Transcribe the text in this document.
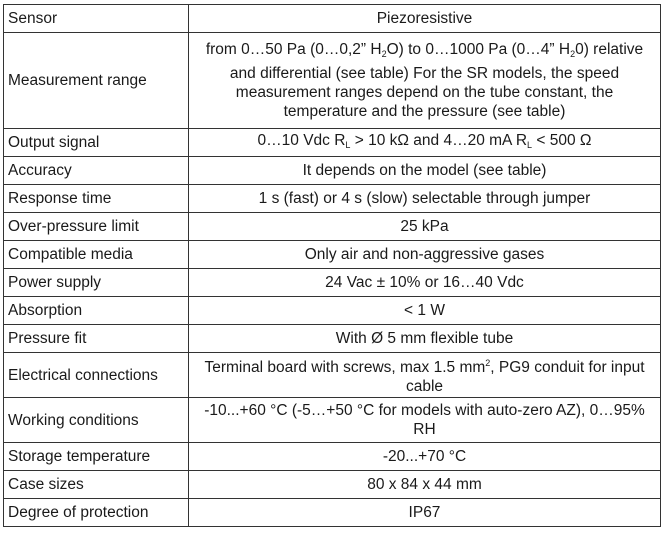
Sensor	Piezoresistive
Measurement range	from 0…50 Pa (0…0,2” $H_2O$) to 0…1000 Pa (0…4” $H_20$) relative and differential (see table) For the SR models, the speed measurement ranges depend on the tube constant, the temperature and the pressure (see table)
Output signal	0…10 Vdc $R_L > 10$ kΩ and 4…20 mA $R_L < 500$ Ω
Accuracy	It depends on the model (see table)
Response time	1 s (fast) or 4 s (slow) selectable through jumper
Over-pressure limit	25 kPa
Compatible media	Only air and non-aggressive gases
Power supply	24 Vac ± 10% or 16…40 Vdc
Absorption	< 1 W
Pressure fit	With Ø 5 mm flexible tube
Electrical connections	Terminal board with screws, max 1.5 $mm^2$, PG9 conduit for input cable
Working conditions	-10...+60 °C (-5…+50 °C for models with auto-zero AZ), 0…95% RH
Storage temperature	-20...+70 °C
Case sizes	80 x 84 x 44 mm
Degree of protection	IP67
